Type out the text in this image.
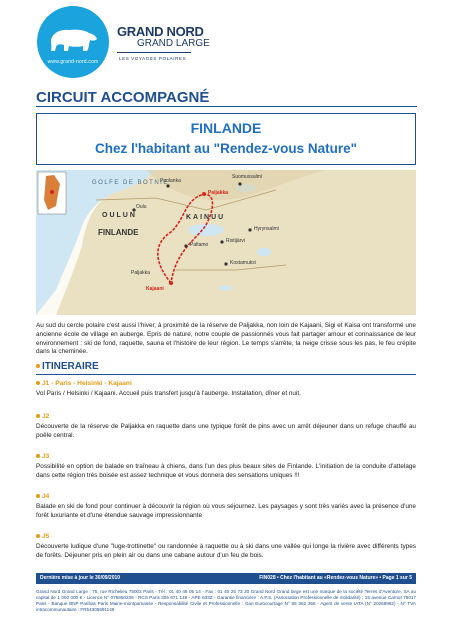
www.grand-nord.com
GRAND NORD
GRAND LARGE
LES VOYAGES POLAIRES
CIRCUIT ACCOMPAGNÉ
FINLANDE
Chez l'habitant au "Rendez-vous Nature"
GOLFE DE BOTNIE
OULUN	KAINUU
FINLANDE
Oulu
Puolanka
Suomussalmi
Paljakka
Hyrynsalmi
Ristijärvi
Paltamo
Kostamuksi
Kajaani
Paljakka
Au sud du cercle polaire c'est aussi l'hiver, à proximité de la réserve de Paljakka, non loin de Kajaani, Sigi et Kaisa ont transformé une ancienne école de village en auberge. Epris de nature, notre couple de passionnés vous fait partager amour et connaissance de leur environnement : ski de fond, raquette, sauna et l'histoire de leur région. Le temps s'arrête, la neige crisse sous les pas, le feu crépite dans la cheminée.
ITINERAIRE
J1 - Paris - Helsinki - Kajaani
Vol Paris / Helsinki / Kajaani. Accueil puis transfert jusqu'à l'auberge. Installation, dîner et nuit.
J2
Découverte de la réserve de Paljakka en raquette dans une typique forêt de pins avec un arrêt déjeuner dans un refuge chauffé au poêle central.
J3
Possibilité en option de balade en traîneau à chiens, dans l'un des plus beaux sites de Finlande. L'initiation de la conduite d'attelage dans cette région très boisée est assez technique et vous donnera des sensations uniques !!!
J4
Balade en ski de fond pour continuer à découvrir la région où vous séjournez. Les paysages y sont très variés avec la présence d'une forêt luxuriante et d'une étendue sauvage impressionnante
J5
Découverte ludique d'une "luge-trottinette" ou randonnée à raquette ou à ski dans une vallée qui longe la rivière avec différents types de forêts. Déjeuner pris en plein air ou dans une cabane autour d'un feu de bois.
Dernière mise à jour le 30/09/2010	FIN028 • Chez l'habitant au «Rendez-vous Nature» • Page 1 sur 5
Grand Nord Grand Large : 75, rue Richelieu 75002 Paris - Tél : 01 40 46 05 14 - Fax : 01 40 26 73 20 Grand Nord Grand large est une marque de la société Terres d'Aventure, SA au capital de 1 000 000 € - Licence N° 075950236 - RCS Paris 305 671 149 - APE 633Z - Garantie financière : A.P.S. (Association Professionnelle de Solidarité) ; 15 avenue Carnot 75017 Paris - Banque BNP Paribas Paris Maine-montparnasse - Responsabilité Civile et Professionnelle : Gan Eurocourtage N° 86 362 356 - Agent de vente IATA (N° 20269962) - N° TVA intracommunautaire : FR54305691149
